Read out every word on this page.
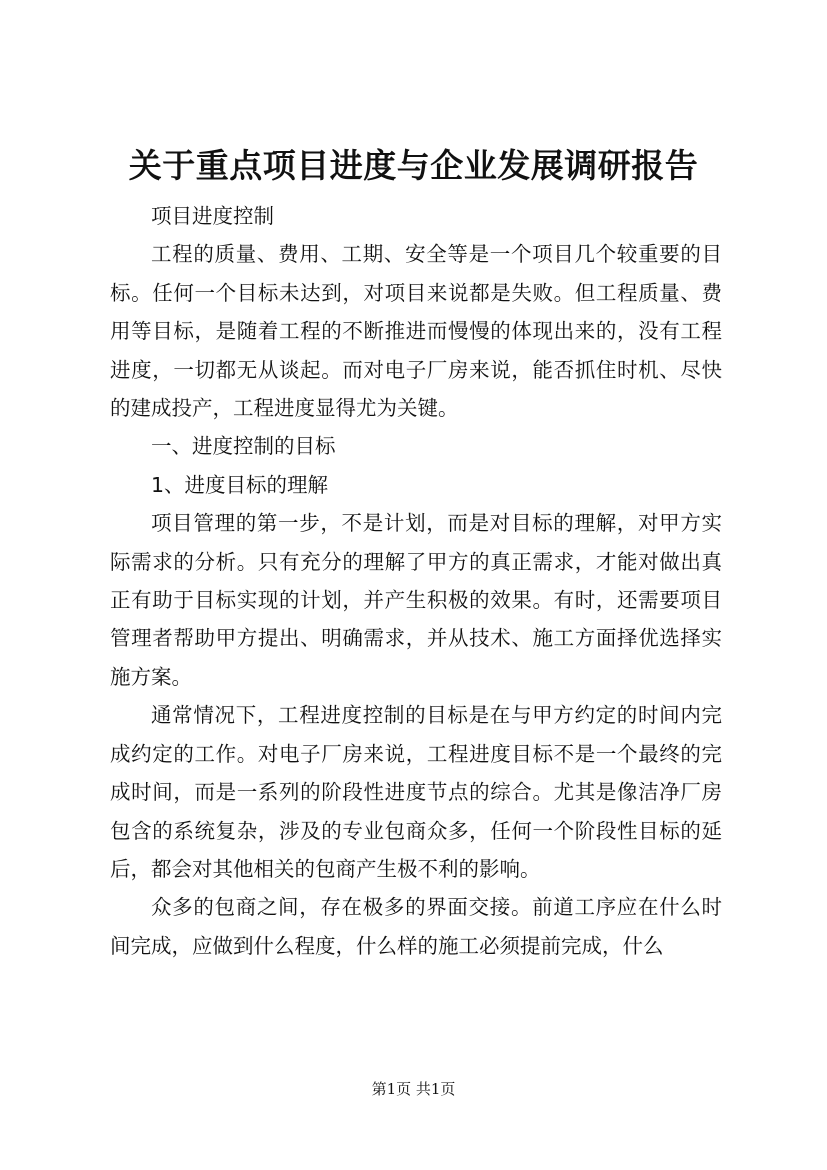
关于重点项目进度与企业发展调研报告

项目进度控制

工程的质量、费用、工期、安全等是一个项目几个较重要的目标。任何一个目标未达到，对项目来说都是失败。但工程质量、费用等目标，是随着工程的不断推进而慢慢的体现出来的，没有工程进度，一切都无从谈起。而对电子厂房来说，能否抓住时机、尽快的建成投产，工程进度显得尤为关键。

一、进度控制的目标

1、进度目标的理解

项目管理的第一步，不是计划，而是对目标的理解，对甲方实际需求的分析。只有充分的理解了甲方的真正需求，才能对做出真正有助于目标实现的计划，并产生积极的效果。有时，还需要项目管理者帮助甲方提出、明确需求，并从技术、施工方面择优选择实施方案。

通常情况下，工程进度控制的目标是在与甲方约定的时间内完成约定的工作。对电子厂房来说，工程进度目标不是一个最终的完成时间，而是一系列的阶段性进度节点的综合。尤其是像洁净厂房包含的系统复杂，涉及的专业包商众多，任何一个阶段性目标的延后，都会对其他相关的包商产生极不利的影响。

众多的包商之间，存在极多的界面交接。前道工序应在什么时间完成，应做到什么程度，什么样的施工必须提前完成，什么

第1页 共1页
